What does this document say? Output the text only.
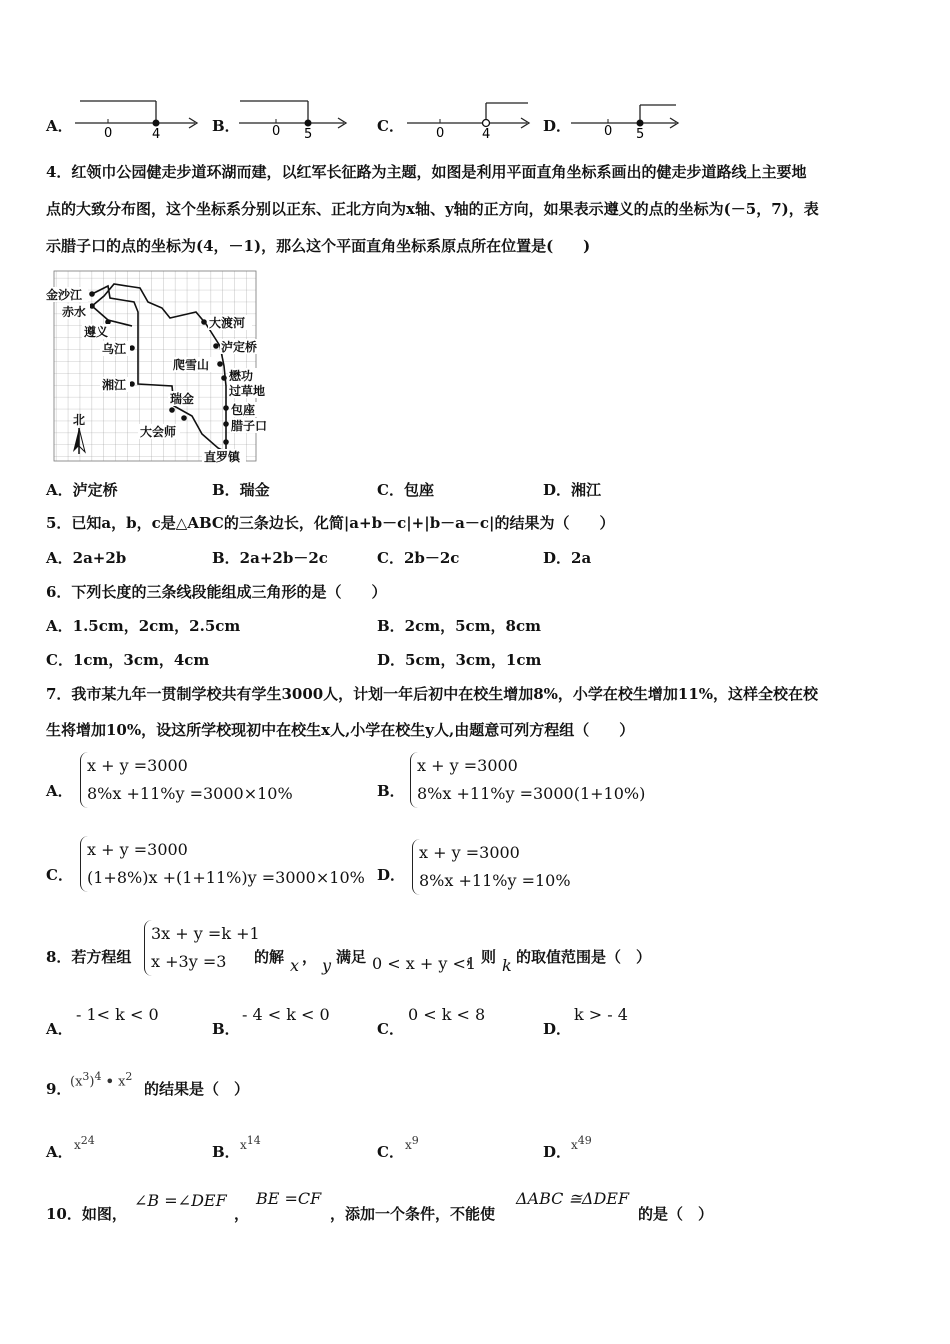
A． 0	4	B． 0 5	C． 0	4	D．	0 5
4．红领巾公园健走步道环湖而建，以红军长征路为主题，如图是利用平面直角坐标系画出的健走步道路线上主要地
点的大致分布图，这个坐标系分别以正东、正北方向为x轴、y轴的正方向，如果表示遵义的点的坐标为(－5，7)，表
示腊子口的点的坐标为(4，－1)，那么这个平面直角坐标系原点所在位置是(　　)
金沙江
赤水
遵义
乌江
湘江
瑞金
大会师
大渡河
泸定桥
爬雪山
懋功
过草地
包座
腊子口
直罗镇
北
A．泸定桥	B．瑞金	C．包座	D．湘江
5．已知a，b，c是△ABC的三条边长，化简|a+b－c|+|b－a－c|的结果为（　　）
A．2a+2b	B．2a+2b－2c	C．2b－2c	D．2a
6．下列长度的三条线段能组成三角形的是（　　）
A．1.5cm，2cm，2.5cm	B．2cm，5cm，8cm
C．1cm，3cm，4cm	D．5cm，3cm，1cm
7．我市某九年一贯制学校共有学生3000人，计划一年后初中在校生增加8%，小学在校生增加11%，这样全校在校
生将增加10%，设这所学校现初中在校生x人,小学在校生y人,由题意可列方程组（　　）
A．
x + y =3000
8%x +11%y =3000×10%	B．
x + y =3000
8%x +11%y =3000(1+10%)
C．
x + y =3000
(1+8%)x +(1+11%)y =3000×10% D．
x + y =3000
8%x +11%y =10%
8．若方程组
3x + y =k +1
x +3y =3	的解 x ， y 满足 0 < x + y <1
，则 k 的取值范围是（　）
A．
- 1< k < 0
B．
- 4 < k < 0
C．
0 < k < 8
D．
k > - 4
9．
$(x^3)^4$ • $x^2$
的结果是（　）
A． x24
B． x14
C． x9
D． x49
10．如图，
∠B =∠DEF
，
BE =CF
，添加一个条件，不能使
ΔABC ≅ΔDEF
的是（　）
